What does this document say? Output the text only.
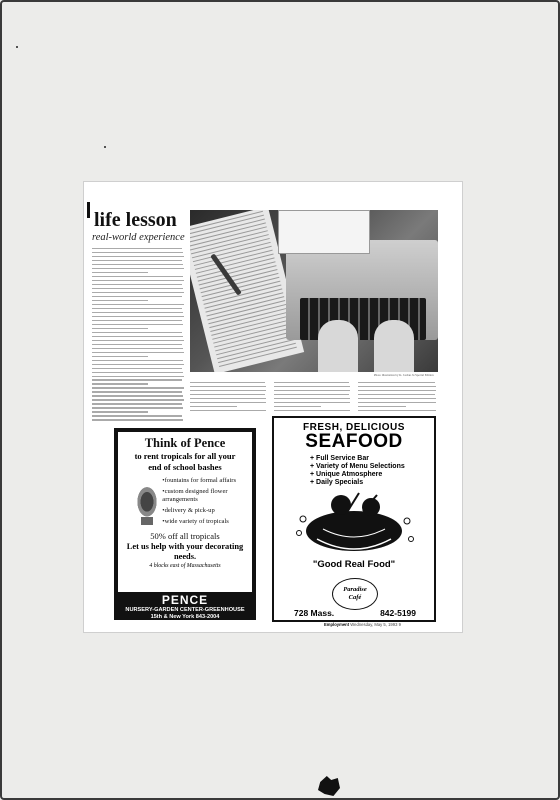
life lesson

real-world experience

Photo illustration by K. Jordan Jr./Special Edition

Think of Pence

to rent tropicals for all your

end of school bashes

•fountains for formal affairs
•custom designed flower arrangements
•delivery & pick-up
•wide variety of tropicals

50% off all tropicals

Let us help with your decorating needs.

4 blocks east of Massachusetts

PENCE

NURSERY-GARDEN CENTER-GREENHOUSE

15th & New York 843-2004

Greenhouse Larger Than A Football Field

FRESH, DELICIOUS

SEAFOOD

+ Full Service Bar
+ Variety of Menu Selections
+ Unique Atmosphere
+ Daily Specials

"Good Real Food"

Paradise
Café

728 Mass.	842-5199

Employment Wednesday, May 5, 1993 9
